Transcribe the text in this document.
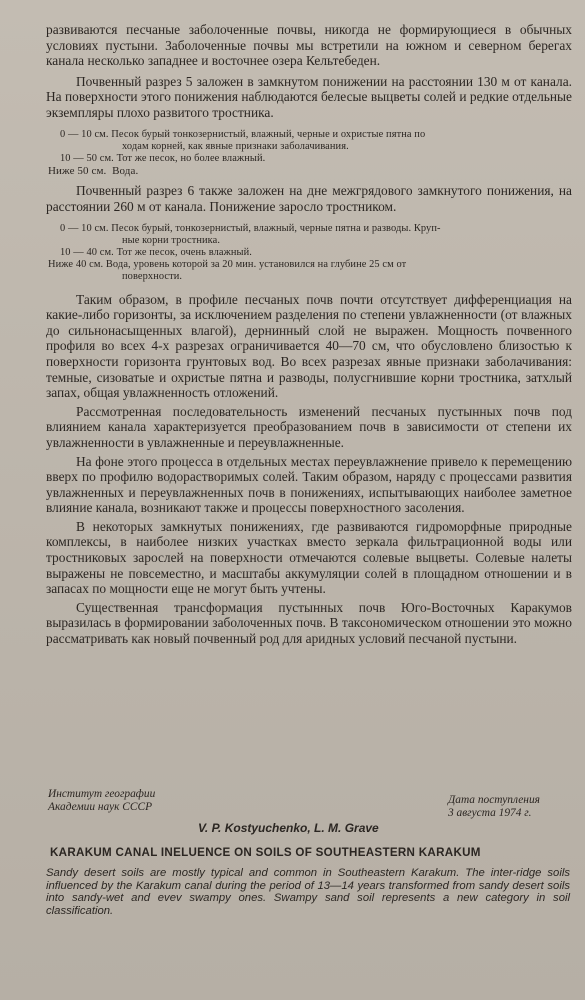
развиваются песчаные заболоченные почвы, никогда не формирующиеся в обычных условиях пустыни. Заболоченные почвы мы встретили на южном и северном берегах канала несколько западнее и восточнее озера Кельтебеден.

Почвенный разрез 5 заложен в замкнутом понижении на расстоянии 130 м от канала. На поверхности этого понижения наблюдаются белесые выцветы солей и редкие отдельные экземпляры плохо развитого тростника.

0 — 10 см.
Песок бурый тонкозернистый, влажный, черные и охристые пятна по
ходам корней, как явные признаки заболачивания.
10 — 50 см.
Тот же песок, но более влажный.
Ниже 50 см. Вода.

Почвенный разрез 6 также заложен на дне межгрядового замкнутого понижения, на расстоянии 260 м от канала. Понижение заросло тростником.

0 — 10 см.
Песок бурый, тонкозернистый, влажный, черные пятна и разводы. Круп-
ные корни тростника.
10 — 40 см.
Тот же песок, очень влажный.
Ниже 40 см.
Вода, уровень которой за 20 мин. установился на глубине 25 см от
поверхности.

Таким образом, в профиле песчаных почв почти отсутствует дифференциация на какие-либо горизонты, за исключением разделения по степени увлажненности (от влажных до сильнонасыщенных влагой), дернинный слой не выражен. Мощность почвенного профиля во всех 4-х разрезах ограничивается 40—70 см, что обусловлено близостью к поверхности горизонта грунтовых вод. Во всех разрезах явные признаки заболачивания: темные, сизоватые и охристые пятна и разводы, полусгнившие корни тростника, затхлый запах, общая увлажненность отложений.

Рассмотренная последовательность изменений песчаных пустынных почв под влиянием канала характеризуется преобразованием почв в зависимости от степени их увлажненности в увлажненные и переувлажненные.

На фоне этого процесса в отдельных местах переувлажнение привело к перемещению вверх по профилю водорастворимых солей. Таким образом, наряду с процессами развития увлажненных и переувлажненных почв в понижениях, испытывающих наиболее заметное влияние канала, возникают также и процессы поверхностного засоления.

В некоторых замкнутых понижениях, где развиваются гидроморфные природные комплексы, в наиболее низких участках вместо зеркала фильтрационной воды или тростниковых зарослей на поверхности отмечаются солевые выцветы. Солевые налеты выражены не повсеместно, и масштабы аккумуляции солей в площадном отношении и в запасах по мощности еще не могут быть учтены.

Существенная трансформация пустынных почв Юго-Восточных Каракумов выразилась в формировании заболоченных почв. В таксономическом отношении это можно рассматривать как новый почвенный род для аридных условий песчаной пустыни.

Институт географии
Академии наук СССР
Дата поступления
3 августа 1974 г.
V. P. Kostyuchenko, L. M. Grave
KARAKUM CANAL INELUENCE ON SOILS OF SOUTHEASTERN KARAKUM

Sandy desert soils are mostly typical and common in Southeastern Karakum. The inter-ridge soils influenced by the Karakum canal during the period of 13—14 years transformed from sandy desert soils into sandy-wet and evev swampy ones. Swampy sand soil represents a new category in soil classification.
